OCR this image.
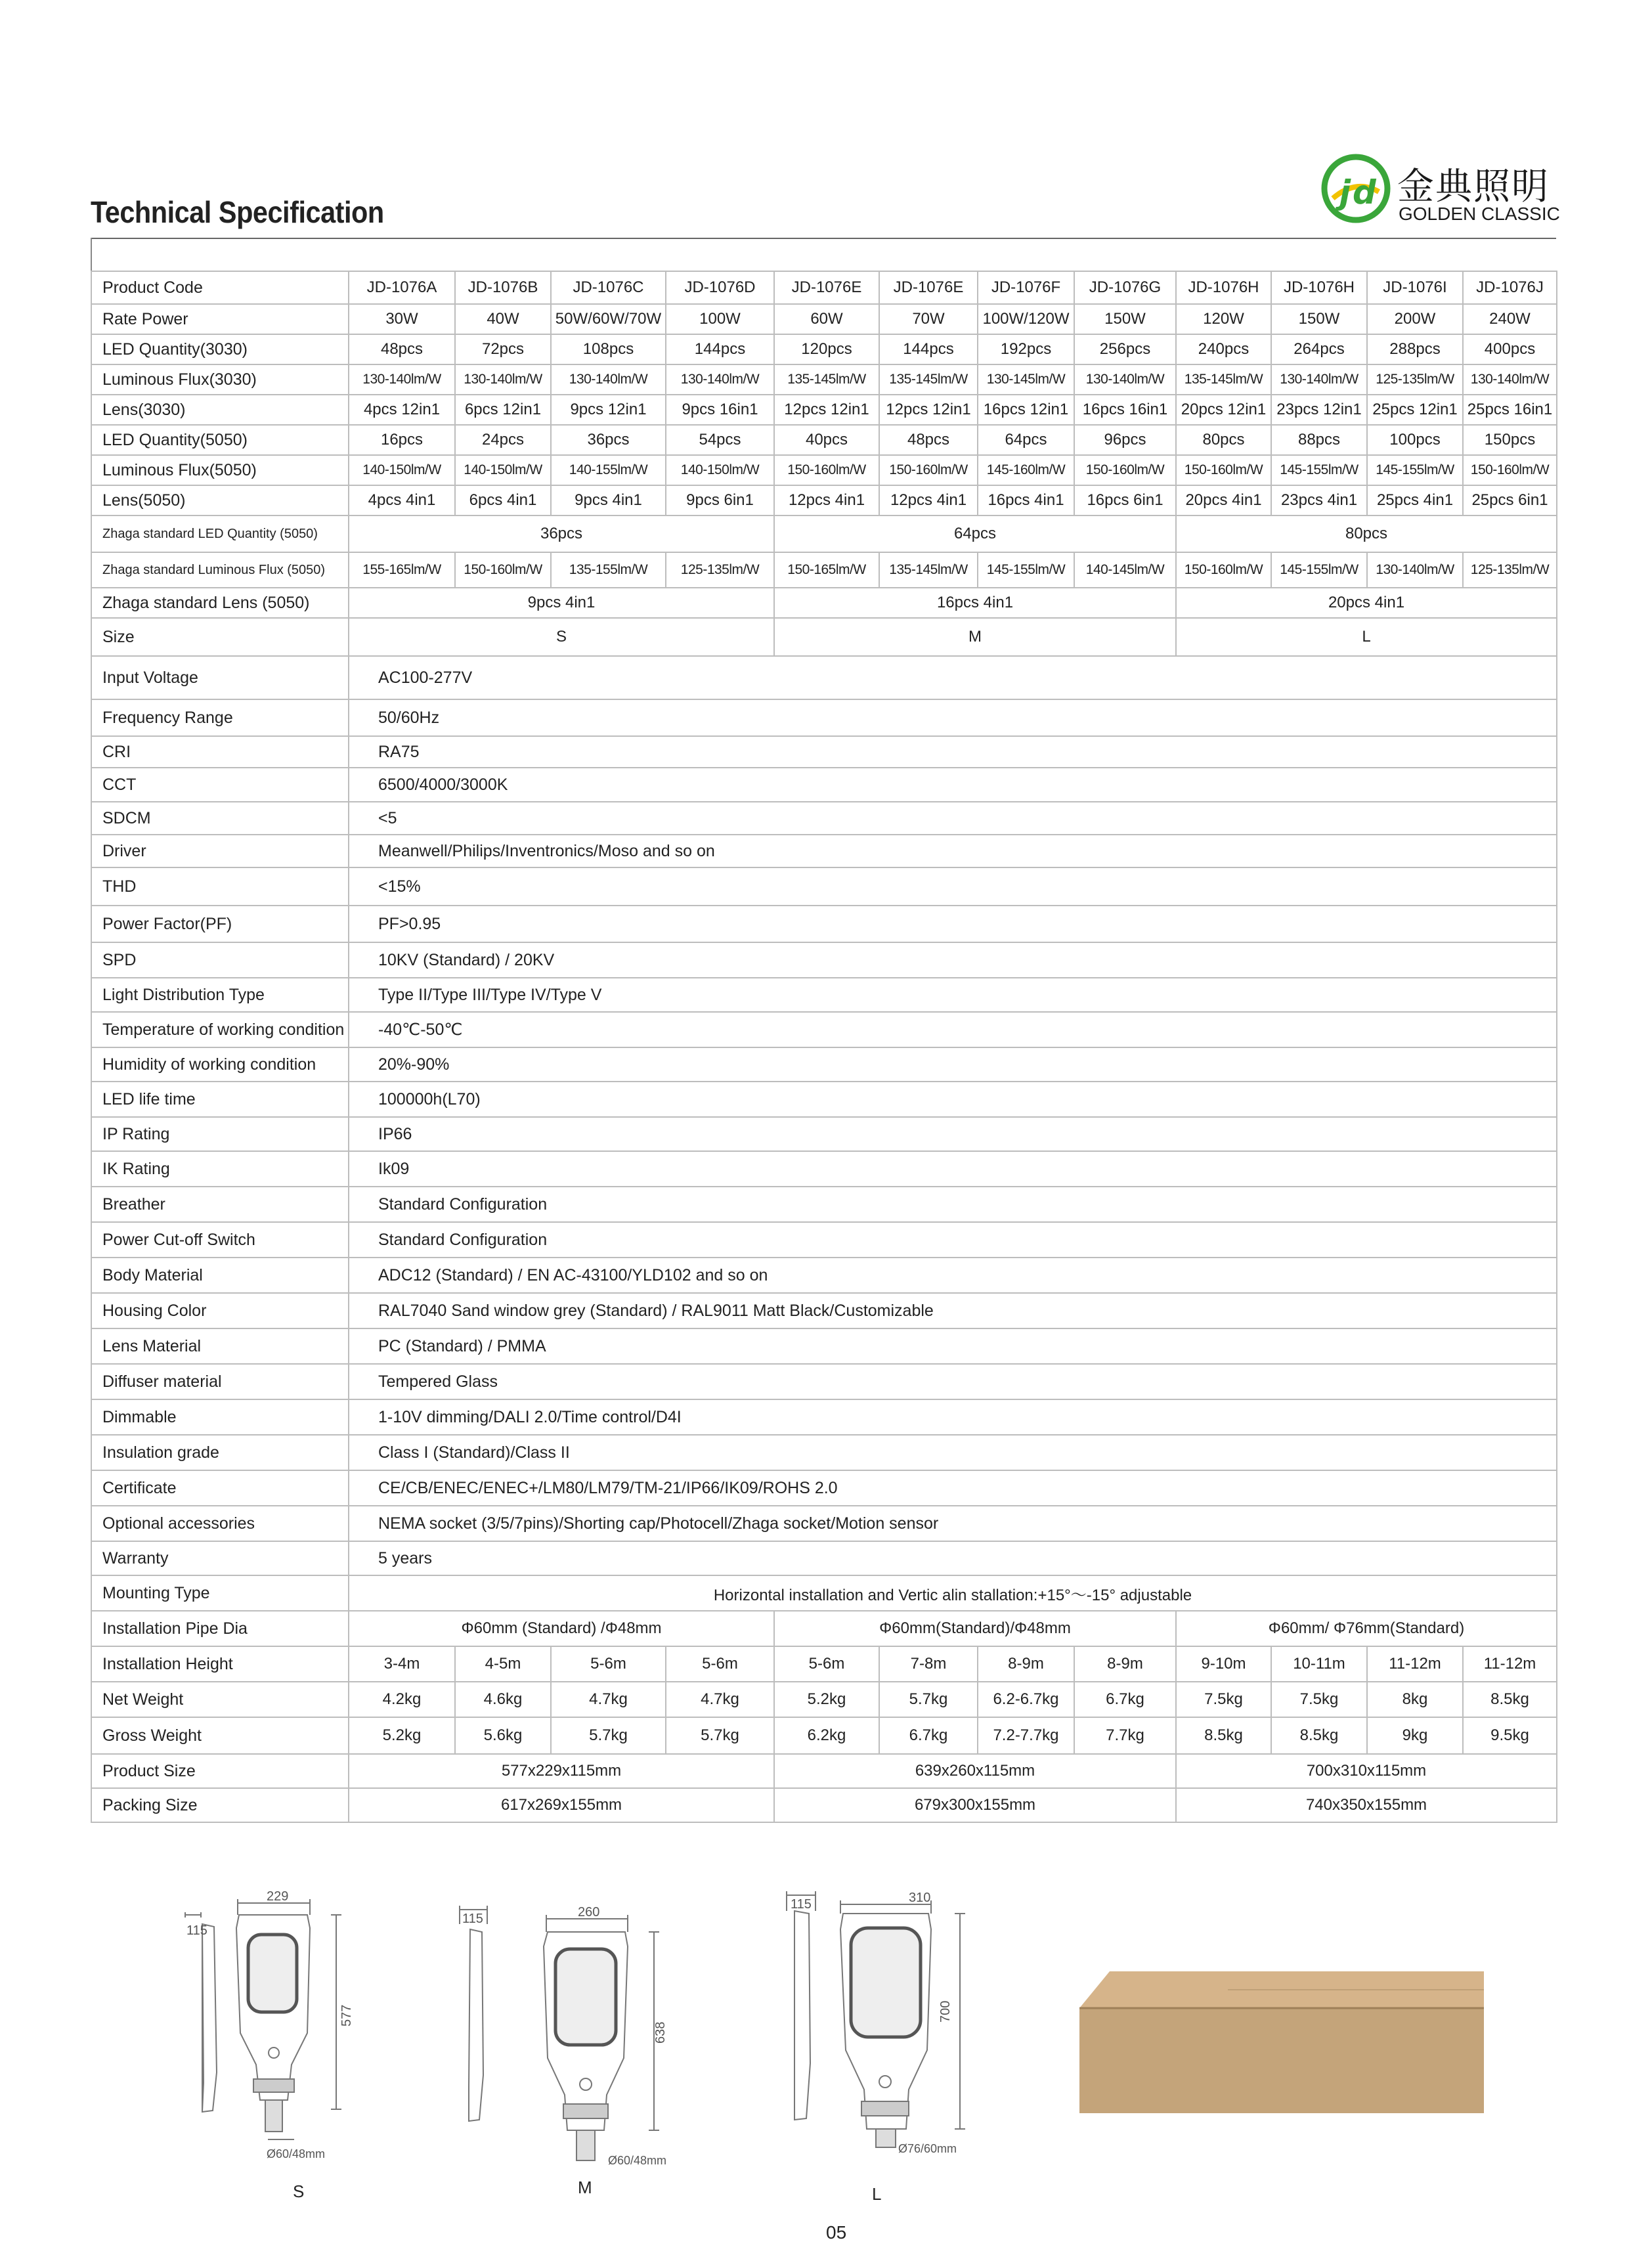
j d 金典照明
GOLDEN CLASSIC
Technical Specification
Product Code	JD-1076A	JD-1076B	JD-1076C	JD-1076D	JD-1076E	JD-1076E	JD-1076F	JD-1076G	JD-1076H	JD-1076H	JD-1076I	JD-1076J
Rate Power	30W	40W	50W/60W/70W	100W	60W	70W	100W/120W	150W	120W	150W	200W	240W
LED Quantity(3030)	48pcs	72pcs	108pcs	144pcs	120pcs	144pcs	192pcs	256pcs	240pcs	264pcs	288pcs	400pcs
Luminous Flux(3030)	130-140lm/W	130-140lm/W	130-140lm/W	130-140lm/W	135-145lm/W	135-145lm/W	130-145lm/W	130-140lm/W	135-145lm/W	130-140lm/W	125-135lm/W	130-140lm/W
Lens(3030)	4pcs 12in1	6pcs 12in1	9pcs 12in1	9pcs 16in1	12pcs 12in1	12pcs 12in1	16pcs 12in1	16pcs 16in1	20pcs 12in1	23pcs 12in1	25pcs 12in1	25pcs 16in1
LED Quantity(5050)	16pcs	24pcs	36pcs	54pcs	40pcs	48pcs	64pcs	96pcs	80pcs	88pcs	100pcs	150pcs
Luminous Flux(5050)	140-150lm/W	140-150lm/W	140-155lm/W	140-150lm/W	150-160lm/W	150-160lm/W	145-160lm/W	150-160lm/W	150-160lm/W	145-155lm/W	145-155lm/W	150-160lm/W
Lens(5050)	4pcs 4in1	6pcs 4in1	9pcs 4in1	9pcs 6in1	12pcs 4in1	12pcs 4in1	16pcs 4in1	16pcs 6in1	20pcs 4in1	23pcs 4in1	25pcs 4in1	25pcs 6in1
Zhaga standard LED Quantity (5050)	36pcs				64pcs				80pcs			
Zhaga standard Luminous Flux (5050)	155-165lm/W	150-160lm/W	135-155lm/W	125-135lm/W	150-165lm/W	135-145lm/W	145-155lm/W	140-145lm/W	150-160lm/W	145-155lm/W	130-140lm/W	125-135lm/W
Zhaga standard Lens (5050)	9pcs 4in1				16pcs 4in1				20pcs 4in1			
Size	S				M				L			
Input Voltage	AC100-277V											
Frequency Range	50/60Hz											
CRI	RA75											
CCT	6500/4000/3000K											
SDCM	<5											
Driver	Meanwell/Philips/Inventronics/Moso and so on											
THD	<15%											
Power Factor(PF)	PF>0.95											
SPD	10KV (Standard) / 20KV											
Light Distribution Type	Type II/Type III/Type IV/Type V											
Temperature of working condition	-40℃-50℃											
Humidity of working condition	20%-90%											
LED life time	100000h(L70)											
IP Rating	IP66											
IK Rating	Ik09											
Breather	Standard Configuration											
Power Cut-off Switch	Standard Configuration											
Body Material	ADC12 (Standard) / EN AC-43100/YLD102 and so on											
Housing Color	RAL7040 Sand window grey (Standard) / RAL9011 Matt Black/Customizable											
Lens Material	PC (Standard) / PMMA											
Diffuser material	Tempered Glass											
Dimmable	1-10V dimming/DALI 2.0/Time control/D4I											
Insulation grade	Class I (Standard)/Class II											
Certificate	CE/CB/ENEC/ENEC+/LM80/LM79/TM-21/IP66/IK09/ROHS 2.0											
Optional accessories	NEMA socket (3/5/7pins)/Shorting cap/Photocell/Zhaga socket/Motion sensor											
Warranty	5 years											
Mounting Type	Horizontal installation and Vertic alin stallation:+15°～-15° adjustable											
Installation Pipe Dia	Φ60mm (Standard) /Φ48mm				Φ60mm(Standard)/Φ48mm				Φ60mm/ Φ76mm(Standard)			
Installation Height	3-4m	4-5m	5-6m	5-6m	5-6m	7-8m	8-9m	8-9m	9-10m	10-11m	11-12m	11-12m
Net Weight	4.2kg	4.6kg	4.7kg	4.7kg	5.2kg	5.7kg	6.2-6.7kg	6.7kg	7.5kg	7.5kg	8kg	8.5kg
Gross Weight	5.2kg	5.6kg	5.7kg	5.7kg	6.2kg	6.7kg	7.2-7.7kg	7.7kg	8.5kg	8.5kg	9kg	9.5kg
Product Size	577x229x115mm				639x260x115mm				700x310x115mm			
Packing Size	617x269x155mm				679x300x155mm				740x350x155mm			
115
229
577
Ø60/48mm
S
115	260
638
Ø60/48mm
M
115	310
700
Ø76/60mm
L
05
